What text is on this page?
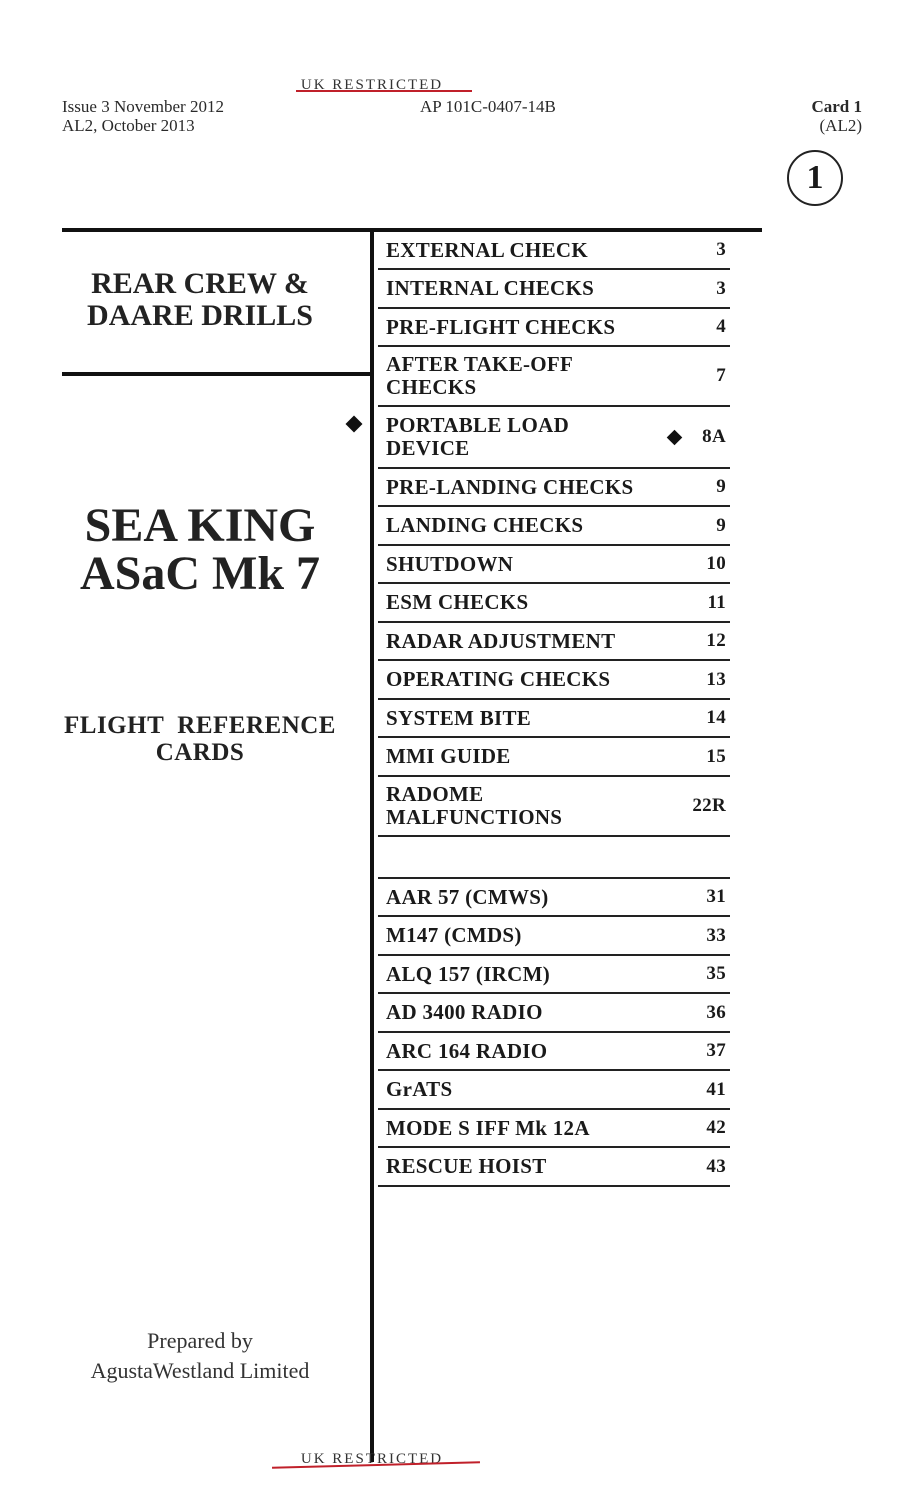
Issue 3 November 2012
AL2, October 2013
UK RESTRICTED
AP 101C-0407-14B	Card 1
(AL2)
1
REAR CREW &
DAARE DRILLS
SEA KING
ASaC Mk 7
FLIGHT  REFERENCE
CARDS
Prepared by
AgustaWestland Limited
EXTERNAL CHECK	3
INTERNAL CHECKS	3
PRE-FLIGHT CHECKS	4
AFTER TAKE-OFF
CHECKS	7
PORTABLE LOAD
DEVICE	8A
PRE-LANDING CHECKS	9
LANDING CHECKS	9
SHUTDOWN	10
ESM CHECKS	11
RADAR ADJUSTMENT	12
OPERATING CHECKS	13
SYSTEM BITE	14
MMI GUIDE	15
RADOME
MALFUNCTIONS	22R
AAR 57 (CMWS)	31
M147 (CMDS)	33
ALQ 157 (IRCM)	35
AD 3400 RADIO	36
ARC 164 RADIO	37
GrATS	41
MODE S IFF Mk 12A	42
RESCUE HOIST	43
UK RESTRICTED
